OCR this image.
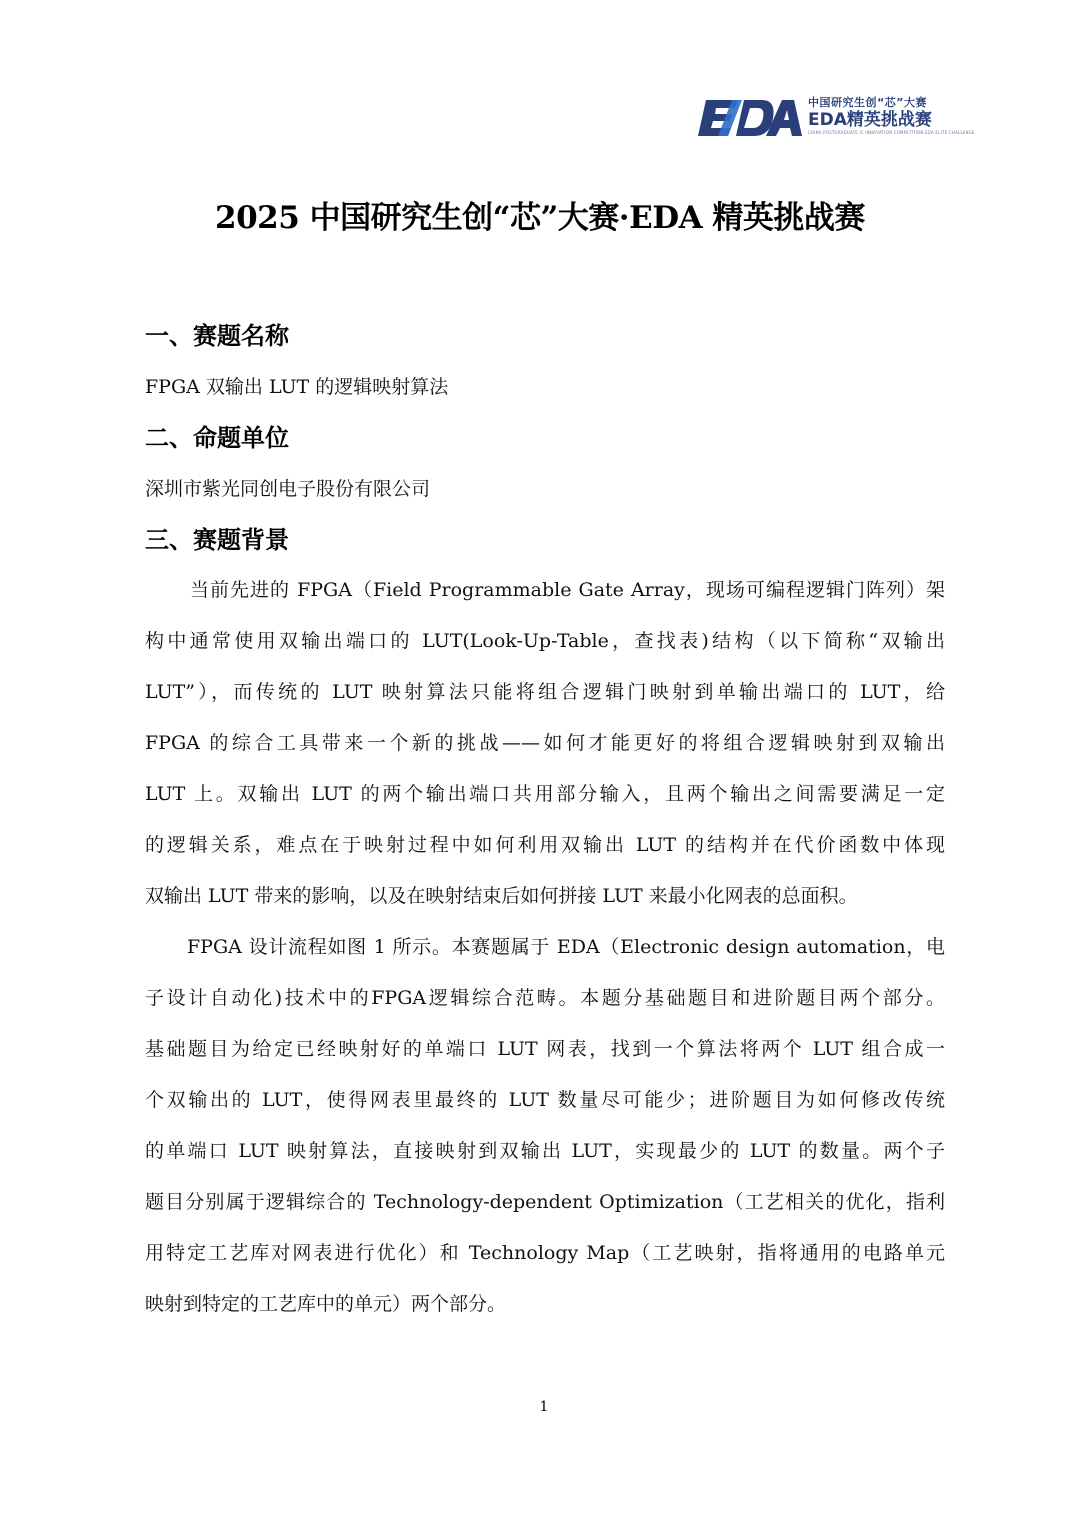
中国研究生创“芯”大赛
EDA精英挑战赛
CHINA POSTGRADUATE IC INNOVATION COMPETITION·EDA ELITE CHALLENGE
2025 中国研究生创“芯”大赛·EDA 精英挑战赛
一、赛题名称
FPGA 双输出 LUT 的逻辑映射算法
二、命题单位
深圳市紫光同创电子股份有限公司
三、赛题背景
当前先进的 FPGA（Field Programmable Gate Array，现场可编程逻辑门阵列）架
构中通常使用双输出端口的 LUT(Look-Up-Table，查找表)结构（以下简称“双输出
LUT”），而传统的 LUT 映射算法只能将组合逻辑门映射到单输出端口的 LUT，给
FPGA 的综合工具带来一个新的挑战——如何才能更好的将组合逻辑映射到双输出
LUT 上。双输出 LUT 的两个输出端口共用部分输入，且两个输出之间需要满足一定
的逻辑关系，难点在于映射过程中如何利用双输出 LUT 的结构并在代价函数中体现
双输出 LUT 带来的影响，以及在映射结束后如何拼接 LUT 来最小化网表的总面积。
FPGA 设计流程如图 1 所示。本赛题属于 EDA（Electronic design automation，电
子设计自动化)技术中的FPGA逻辑综合范畴。本题分基础题目和进阶题目两个部分。
基础题目为给定已经映射好的单端口 LUT 网表，找到一个算法将两个 LUT 组合成一
个双输出的 LUT，使得网表里最终的 LUT 数量尽可能少；进阶题目为如何修改传统
的单端口 LUT 映射算法，直接映射到双输出 LUT，实现最少的 LUT 的数量。两个子
题目分别属于逻辑综合的 Technology-dependent Optimization（工艺相关的优化，指利
用特定工艺库对网表进行优化）和 Technology Map（工艺映射，指将通用的电路单元
映射到特定的工艺库中的单元）两个部分。
1
